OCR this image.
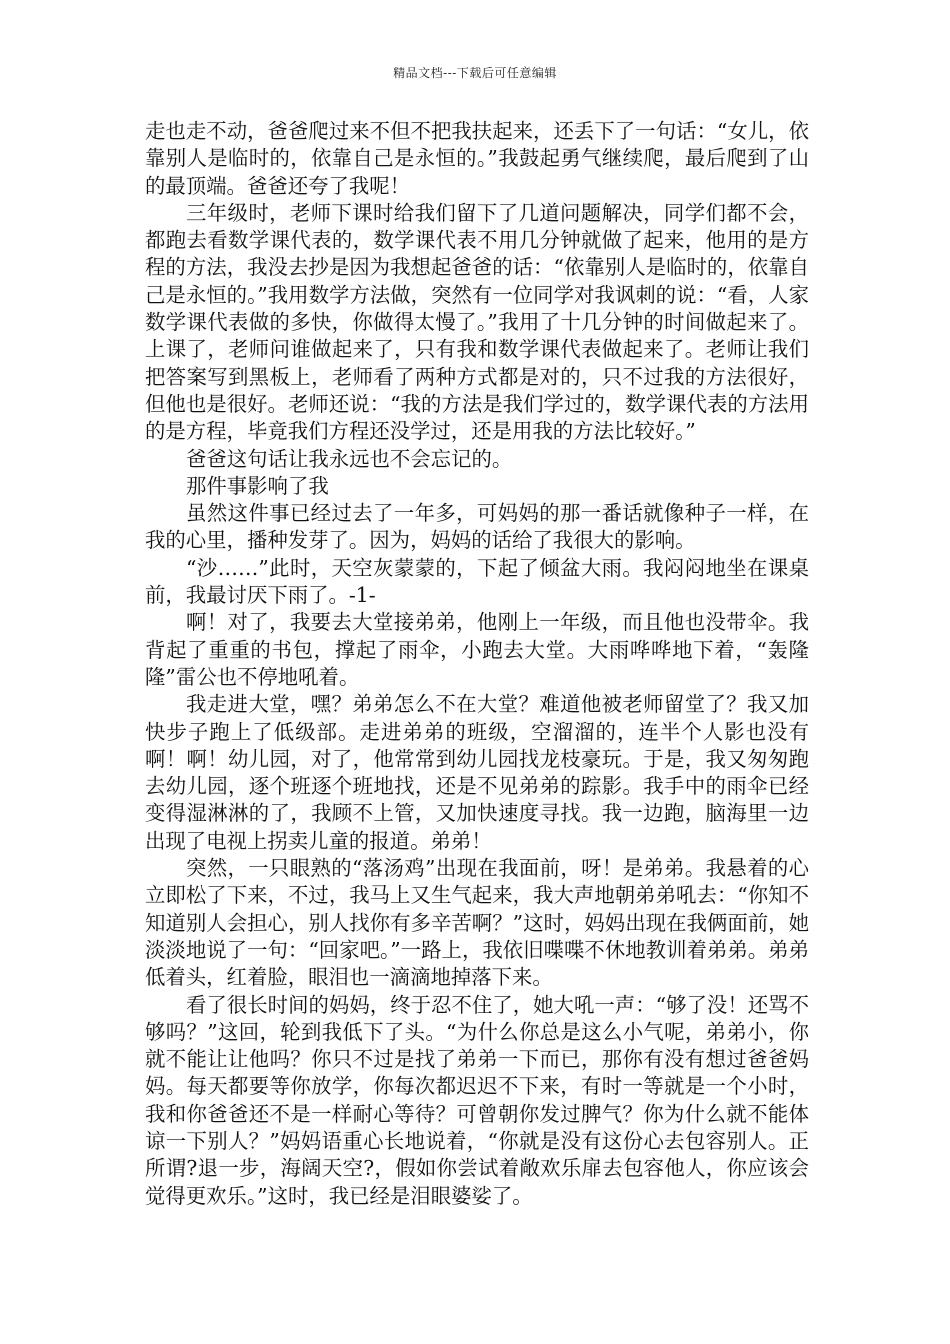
精品文档---下载后可任意编辑

走也走不动，爸爸爬过来不但不把我扶起来，还丢下了一句话：“女儿，依靠别人是临时的，依靠自己是永恒的。”我鼓起勇气继续爬，最后爬到了山的最顶端。爸爸还夸了我呢！

三年级时，老师下课时给我们留下了几道问题解决，同学们都不会，都跑去看数学课代表的，数学课代表不用几分钟就做了起来，他用的是方程的方法，我没去抄是因为我想起爸爸的话：“依靠别人是临时的，依靠自己是永恒的。”我用数学方法做，突然有一位同学对我讽刺的说：“看，人家数学课代表做的多快，你做得太慢了。”我用了十几分钟的时间做起来了。上课了，老师问谁做起来了，只有我和数学课代表做起来了。老师让我们把答案写到黑板上，老师看了两种方式都是对的，只不过我的方法很好，但他也是很好。老师还说：“我的方法是我们学过的，数学课代表的方法用的是方程，毕竟我们方程还没学过，还是用我的方法比较好。”

爸爸这句话让我永远也不会忘记的。

那件事影响了我

虽然这件事已经过去了一年多，可妈妈的那一番话就像种子一样，在我的心里，播种发芽了。因为，妈妈的话给了我很大的影响。

“沙……”此时，天空灰蒙蒙的，下起了倾盆大雨。我闷闷地坐在课桌前，我最讨厌下雨了。-1-

啊！对了，我要去大堂接弟弟，他刚上一年级，而且他也没带伞。我背起了重重的书包，撑起了雨伞，小跑去大堂。大雨哗哗地下着，“轰隆隆”雷公也不停地吼着。

我走进大堂，嘿？弟弟怎么不在大堂？难道他被老师留堂了？我又加快步子跑上了低级部。走进弟弟的班级，空溜溜的，连半个人影也没有啊！啊！幼儿园，对了，他常常到幼儿园找龙枝豪玩。于是，我又匆匆跑去幼儿园，逐个班逐个班地找，还是不见弟弟的踪影。我手中的雨伞已经变得湿淋淋的了，我顾不上管，又加快速度寻找。我一边跑，脑海里一边出现了电视上拐卖儿童的报道。弟弟！

突然，一只眼熟的“落汤鸡”出现在我面前，呀！是弟弟。我悬着的心立即松了下来，不过，我马上又生气起来，我大声地朝弟弟吼去：“你知不知道别人会担心，别人找你有多辛苦啊？”这时，妈妈出现在我俩面前，她淡淡地说了一句：“回家吧。”一路上，我依旧喋喋不休地教训着弟弟。弟弟低着头，红着脸，眼泪也一滴滴地掉落下来。

看了很长时间的妈妈，终于忍不住了，她大吼一声：“够了没！还骂不够吗？”这回，轮到我低下了头。“为什么你总是这么小气呢，弟弟小，你就不能让让他吗？你只不过是找了弟弟一下而已，那你有没有想过爸爸妈妈。每天都要等你放学，你每次都迟迟不下来，有时一等就是一个小时，我和你爸爸还不是一样耐心等待？可曾朝你发过脾气？你为什么就不能体谅一下别人？”妈妈语重心长地说着，“你就是没有这份心去包容别人。正所谓?退一步，海阔天空?，假如你尝试着敞欢乐扉去包容他人，你应该会觉得更欢乐。”这时，我已经是泪眼婆娑了。
